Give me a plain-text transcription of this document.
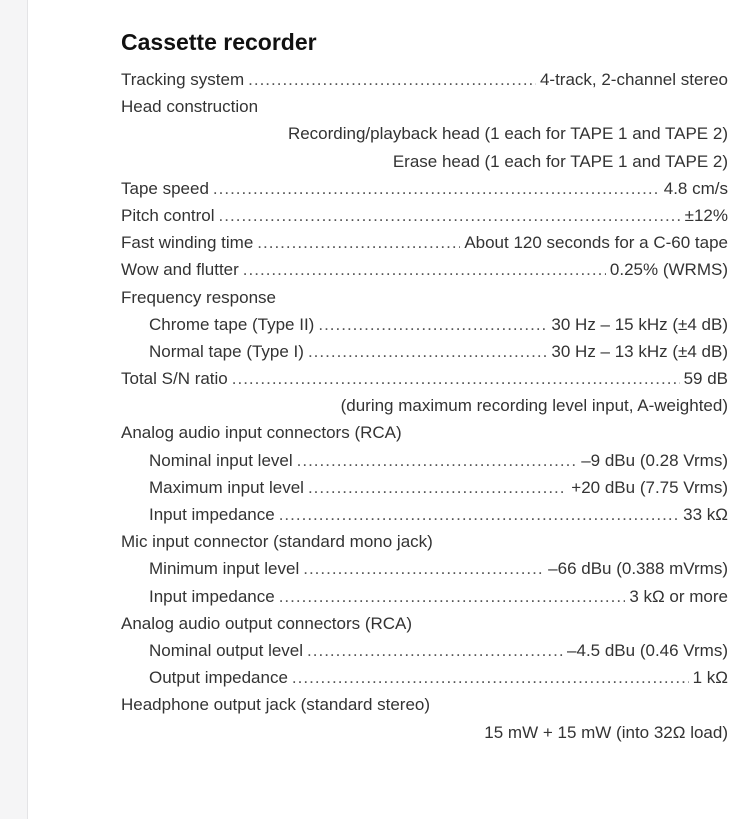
Cassette recorder
Tracking system .....	4-track, 2-channel stereo
Head construction
Recording/playback head (1 each for TAPE 1 and TAPE 2)
Erase head (1 each for TAPE 1 and TAPE 2)
Tape speed .....	4.8 cm/s
Pitch control .....	±12%
Fast winding time .....	About 120 seconds for a C-60 tape
Wow and flutter .....	0.25% (WRMS)
Frequency response
Chrome tape (Type II) .....	30 Hz – 15 kHz (±4 dB)
Normal tape (Type I) .....	30 Hz – 13 kHz (±4 dB)
Total S/N ratio .....	59 dB
(during maximum recording level input, A-weighted)
Analog audio input connectors (RCA)
Nominal input level .....	–9 dBu (0.28 Vrms)
Maximum input level .....	+20 dBu (7.75 Vrms)
Input impedance .....	33 kΩ
Mic input connector (standard mono jack)
Minimum input level .....	–66 dBu (0.388 mVrms)
Input impedance .....	3 kΩ or more
Analog audio output connectors (RCA)
Nominal output level .....	–4.5 dBu (0.46 Vrms)
Output impedance .....	1 kΩ
Headphone output jack (standard stereo)
15 mW + 15 mW (into 32Ω load)
